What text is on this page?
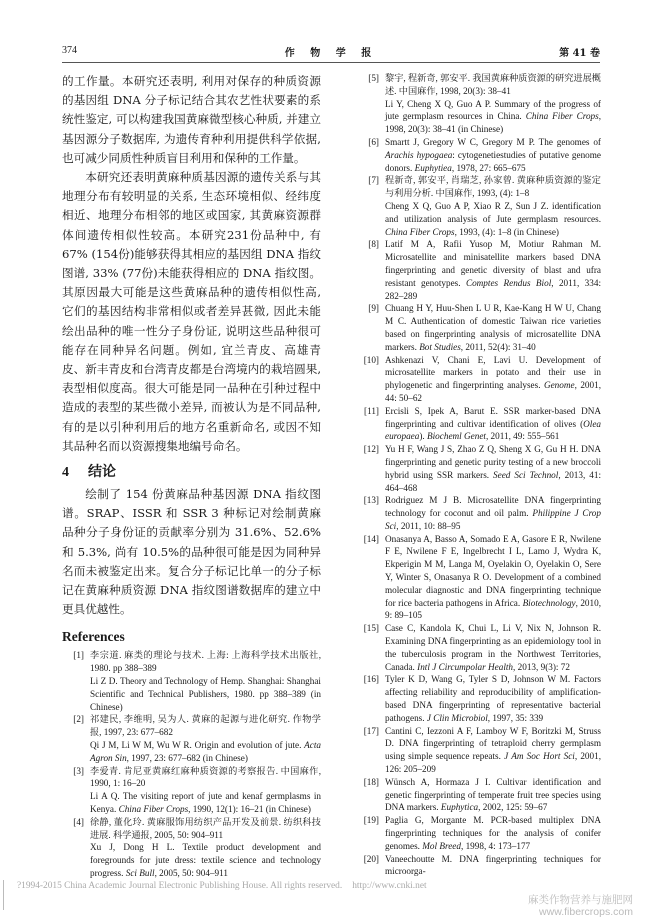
374	作 物 学 报	第 41 卷

的工作量。本研究还表明, 利用对保存的种质资源的基因组 DNA 分子标记结合其农艺性状要素的系统性鉴定, 可以构建我国黄麻微型核心种质, 并建立基因源分子数据库, 为遗传育种利用提供科学依据, 也可减少同质性种质盲目利用和保种的工作量。

本研究还表明黄麻种质基因源的遗传关系与其地理分布有较明显的关系, 生态环境相似、经纬度相近、地理分布相邻的地区或国家, 其黄麻资源群体间遗传相似性较高。本研究231份品种中, 有67% (154份)能够获得其相应的基因组 DNA 指纹图谱, 33% (77份)未能获得相应的 DNA 指纹图。其原因最大可能是这些黄麻品种的遗传相似性高, 它们的基因结构非常相似或者差异甚微, 因此未能绘出品种的唯一性分子身份证, 说明这些品种很可能存在同种异名问题。例如, 宜兰青皮、高雄青皮、新丰青皮和台湾青皮都是台湾境内的栽培圆果, 表型相似度高。很大可能是同一品种在引种过程中造成的表型的某些微小差异, 而被认为是不同品种, 有的是以引种利用后的地方名重新命名, 或因不知其品种名而以资源搜集地编号命名。

4 结论

绘制了 154 份黄麻品种基因源 DNA 指纹图谱。SRAP、ISSR 和 SSR 3 种标记对绘制黄麻品种分子身份证的贡献率分别为 31.6%、52.6%和 5.3%, 尚有 10.5%的品种很可能是因为同种异名而未被鉴定出来。复合分子标记比单一的分子标记在黄麻种质资源 DNA 指纹图谱数据库的建立中更具优越性。

References
[1] 李宗道. 麻类的理论与技术. 上海: 上海科学技术出版社, 1980. pp 388–389
Li Z D. Theory and Technology of Hemp. Shanghai: Shanghai Scientific and Technical Publishers, 1980. pp 388–389 (in Chinese)
[2] 祁建民, 李维明, 吴为人. 黄麻的起源与进化研究. 作物学报, 1997, 23: 677–682
Qi J M, Li W M, Wu W R. Origin and evolution of jute. Acta Agron Sin, 1997, 23: 677–682 (in Chinese)
[3] 李爱青. 肯尼亚黄麻红麻种质资源的考察报告. 中国麻作, 1990, 1: 16–20
Li A Q. The visiting report of jute and kenaf germplasms in Kenya. China Fiber Crops, 1990, 12(1): 16–21 (in Chinese)
[4] 徐静, 董化玲. 黄麻服饰用纺织产品开发及前景. 纺织科技进展. 科学通报, 2005, 50: 904–911
Xu J, Dong H L. Textile product development and foregrounds for jute dress: textile science and technology progress. Sci Bull, 2005, 50: 904–911
[5] 黎宇, 程新奇, 郭安平. 我国黄麻种质资源的研究进展概述. 中国麻作, 1998, 20(3): 38–41
Li Y, Cheng X Q, Guo A P. Summary of the progress of jute germplasm resources in China. China Fiber Crops, 1998, 20(3): 38–41 (in Chinese)
[6] Smartt J, Gregory W C, Gregory M P. The genomes of Arachis hypogaea: cytogenetiestudies of putative genome donors. Euphytiea, 1978, 27: 665–675
[7] 程新奇, 郭安平, 肖瑞芝, 孙家曾. 黄麻种质资源的鉴定与利用分析. 中国麻作, 1993, (4): 1–8
Cheng X Q, Guo A P, Xiao R Z, Sun J Z. identification and utilization analysis of Jute germplasm resources. China Fiber Crops, 1993, (4): 1–8 (in Chinese)
[8] Latif M A, Rafii Yusop M, Motiur Rahman M. Microsatellite and minisatellite markers based DNA fingerprinting and genetic diversity of blast and ufra resistant genotypes. Comptes Rendus Biol, 2011, 334: 282–289
[9] Chuang H Y, Huu-Shen L U R, Kae-Kang H W U, Chang M C. Authentication of domestic Taiwan rice varieties based on fingerprinting analysis of microsatellite DNA markers. Bot Studies, 2011, 52(4): 31–40
[10] Ashkenazi V, Chani E, Lavi U. Development of microsatellite markers in potato and their use in phylogenetic and fingerprinting analyses. Genome, 2001, 44: 50–62
[11] Ercisli S, Ipek A, Barut E. SSR marker-based DNA fingerprinting and cultivar identification of olives (Olea europaea). Biocheml Genet, 2011, 49: 555–561
[12] Yu H F, Wang J S, Zhao Z Q, Sheng X G, Gu H H. DNA fingerprinting and genetic purity testing of a new broccoli hybrid using SSR markers. Seed Sci Technol, 2013, 41: 464–468
[13] Rodriguez M J B. Microsatellite DNA fingerprinting technology for coconut and oil palm. Philippine J Crop Sci, 2011, 10: 88–95
[14] Onasanya A, Basso A, Somado E A, Gasore E R, Nwilene F E, Nwilene F E, Ingelbrecht I L, Lamo J, Wydra K, Ekperigin M M, Langa M, Oyelakin O, Oyelakin O, Sere Y, Winter S, Onasanya R O. Development of a combined molecular diagnostic and DNA fingerprinting technique for rice bacteria pathogens in Africa. Biotechnology, 2010, 9: 89–105
[15] Case C, Kandola K, Chui L, Li V, Nix N, Johnson R. Examining DNA fingerprinting as an epidemiology tool in the tuberculosis program in the Northwest Territories, Canada. Intl J Circumpolar Health, 2013, 9(3): 72
[16] Tyler K D, Wang G, Tyler S D, Johnson W M. Factors affecting reliability and reproducibility of amplification-based DNA fingerprinting of representative bacterial pathogens. J Clin Microbiol, 1997, 35: 339
[17] Cantini C, Iezzoni A F, Lamboy W F, Boritzki M, Struss D. DNA fingerprinting of tetraploid cherry germplasm using simple sequence repeats. J Am Soc Hort Sci, 2001, 126: 205–209
[18] Wünsch A, Hormaza J I. Cultivar identification and genetic fingerprinting of temperate fruit tree species using DNA markers. Euphytica, 2002, 125: 59–67
[19] Paglia G, Morgante M. PCR-based multiplex DNA fingerprinting techniques for the analysis of conifer genomes. Mol Breed, 1998, 4: 173–177
[20] Vaneechoutte M. DNA fingerprinting techniques for microorga-
?1994-2015 China Academic Journal Electronic Publishing House. All rights reserved. http://www.cnki.net
麻类作物营养与施肥网
www.fibercrops.com
